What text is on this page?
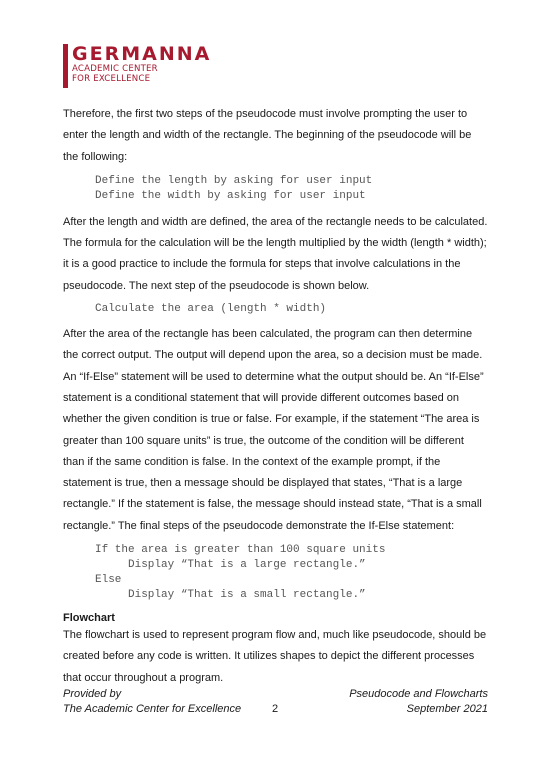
GERMANNA
ACADEMIC CENTER
FOR EXCELLENCE

Therefore, the first two steps of the pseudocode must involve prompting the user to enter the length and width of the rectangle. The beginning of the pseudocode will be the following:

Define the length by asking for user input
Define the width by asking for user input

After the length and width are defined, the area of the rectangle needs to be calculated. The formula for the calculation will be the length multiplied by the width (length * width); it is a good practice to include the formula for steps that involve calculations in the pseudocode. The next step of the pseudocode is shown below.

Calculate the area (length * width)

After the area of the rectangle has been calculated, the program can then determine the correct output. The output will depend upon the area, so a decision must be made. An “If-Else” statement will be used to determine what the output should be. An “If-Else” statement is a conditional statement that will provide different outcomes based on whether the given condition is true or false. For example, if the statement “The area is greater than 100 square units” is true, the outcome of the condition will be different than if the same condition is false. In the context of the example prompt, if the statement is true, then a message should be displayed that states, “That is a large rectangle.” If the statement is false, the message should instead state, “That is a small rectangle.” The final steps of the pseudocode demonstrate the If-Else statement:

If the area is greater than 100 square units
Display “That is a large rectangle.”
Else
Display “That is a small rectangle.”
Flowchart

The flowchart is used to represent program flow and, much like pseudocode, should be created before any code is written. It utilizes shapes to depict the different processes that occur throughout a program.

Provided by	Pseudocode and Flowcharts
The Academic Center for Excellence	2	September 2021
